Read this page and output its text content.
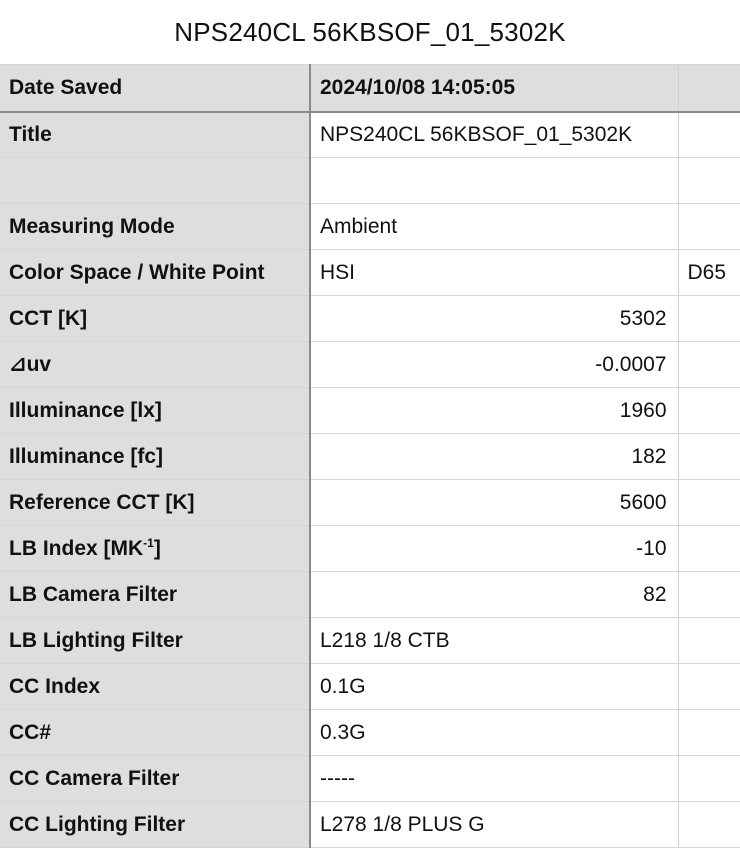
NPS240CL 56KBSOF_01_5302K
Date Saved	2024/10/08 14:05:05	
Title	NPS240CL 56KBSOF_01_5302K	

Measuring Mode	Ambient	
Color Space / White Point	HSI	D65
CCT [K]	5302	
⊿uv	-0.0007	
Illuminance [lx]	1960	
Illuminance [fc]	182	
Reference CCT [K]	5600	
LB Index $[MK^{-1}]$	-10	
LB Camera Filter	82	
LB Lighting Filter	L218 1/8 CTB	
CC Index	0.1G	
CC#	0.3G	
CC Camera Filter	-----	
CC Lighting Filter	L278 1/8 PLUS G	
